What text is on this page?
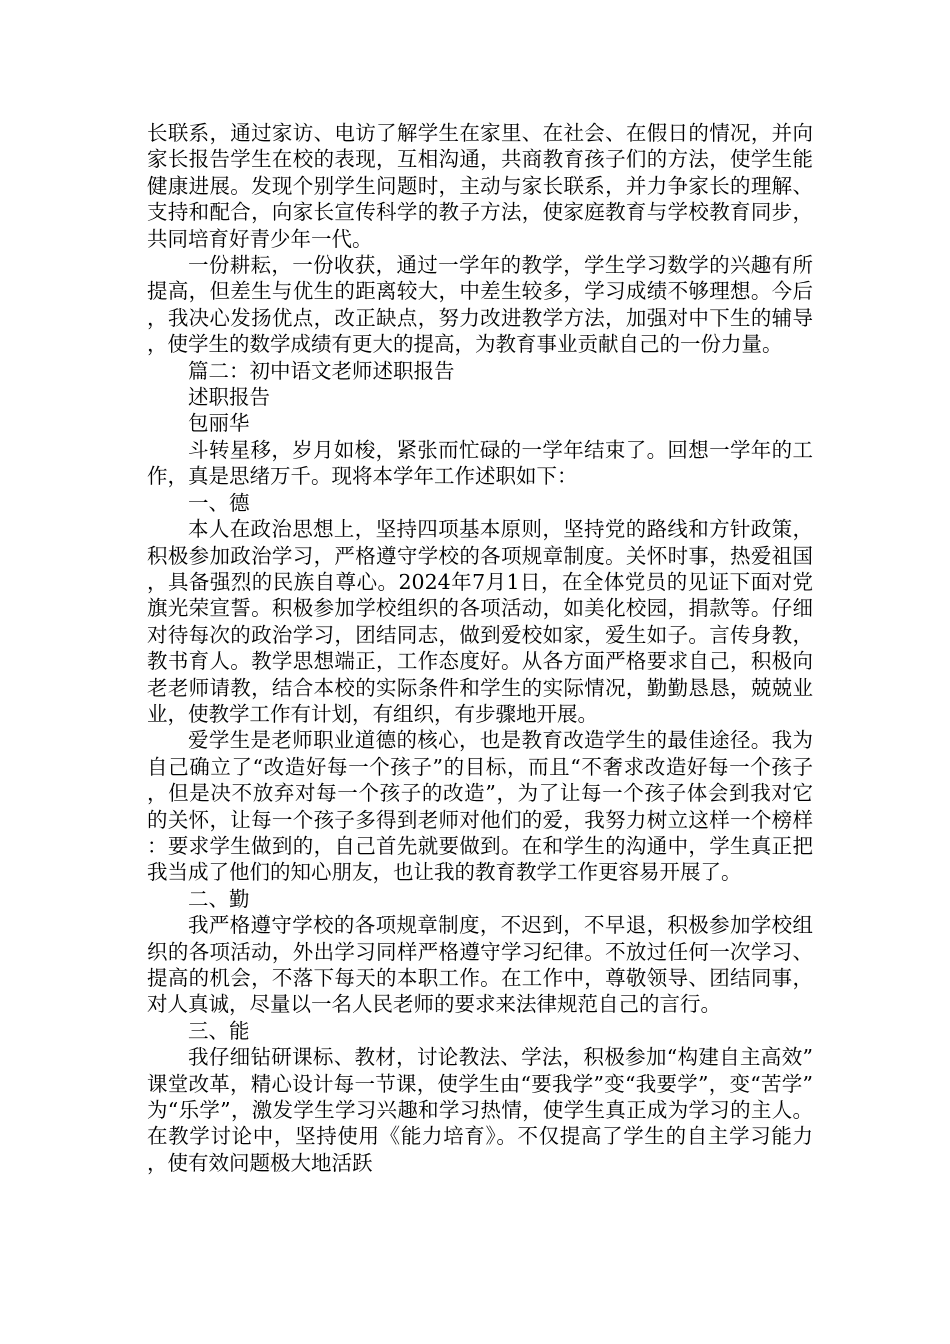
长联系，通过家访、电访了解学生在家里、在社会、在假日的情况，并向家长报告学生在校的表现，互相沟通，共商教育孩子们的方法，使学生能健康进展。发现个别学生问题时，主动与家长联系，并力争家长的理解、支持和配合，向家长宣传科学的教子方法，使家庭教育与学校教育同步，共同培育好青少年一代。

一份耕耘，一份收获，通过一学年的教学，学生学习数学的兴趣有所提高，但差生与优生的距离较大，中差生较多，学习成绩不够理想。今后，我决心发扬优点，改正缺点，努力改进教学方法，加强对中下生的辅导，使学生的数学成绩有更大的提高，为教育事业贡献自己的一份力量。

篇二：初中语文老师述职报告

述职报告

包丽华

斗转星移，岁月如梭，紧张而忙碌的一学年结束了。回想一学年的工作，真是思绪万千。现将本学年工作述职如下：

一、德

本人在政治思想上，坚持四项基本原则，坚持党的路线和方针政策，积极参加政治学习，严格遵守学校的各项规章制度。关怀时事，热爱祖国，具备强烈的民族自尊心。2024年7月1日，在全体党员的见证下面对党旗光荣宣誓。积极参加学校组织的各项活动，如美化校园，捐款等。仔细对待每次的政治学习，团结同志，做到爱校如家，爱生如子。言传身教，教书育人。教学思想端正，工作态度好。从各方面严格要求自己，积极向老老师请教，结合本校的实际条件和学生的实际情况，勤勤恳恳，兢兢业业，使教学工作有计划，有组织，有步骤地开展。

爱学生是老师职业道德的核心，也是教育改造学生的最佳途径。我为自己确立了“改造好每一个孩子”的目标，而且“不奢求改造好每一个孩子，但是决不放弃对每一个孩子的改造”，为了让每一个孩子体会到我对它的关怀，让每一个孩子多得到老师对他们的爱，我努力树立这样一个榜样：要求学生做到的，自己首先就要做到。在和学生的沟通中，学生真正把我当成了他们的知心朋友，也让我的教育教学工作更容易开展了。

二、勤

我严格遵守学校的各项规章制度，不迟到，不早退，积极参加学校组织的各项活动，外出学习同样严格遵守学习纪律。不放过任何一次学习、提高的机会，不落下每天的本职工作。在工作中，尊敬领导、团结同事，对人真诚，尽量以一名人民老师的要求来法律规范自己的言行。

三、能

我仔细钻研课标、教材，讨论教法、学法，积极参加“构建自主高效”课堂改革，精心设计每一节课，使学生由“要我学”变“我要学”，变“苦学”为“乐学”，激发学生学习兴趣和学习热情，使学生真正成为学习的主人。在教学讨论中，坚持使用《能力培育》。不仅提高了学生的自主学习能力，使有效问题极大地活跃
